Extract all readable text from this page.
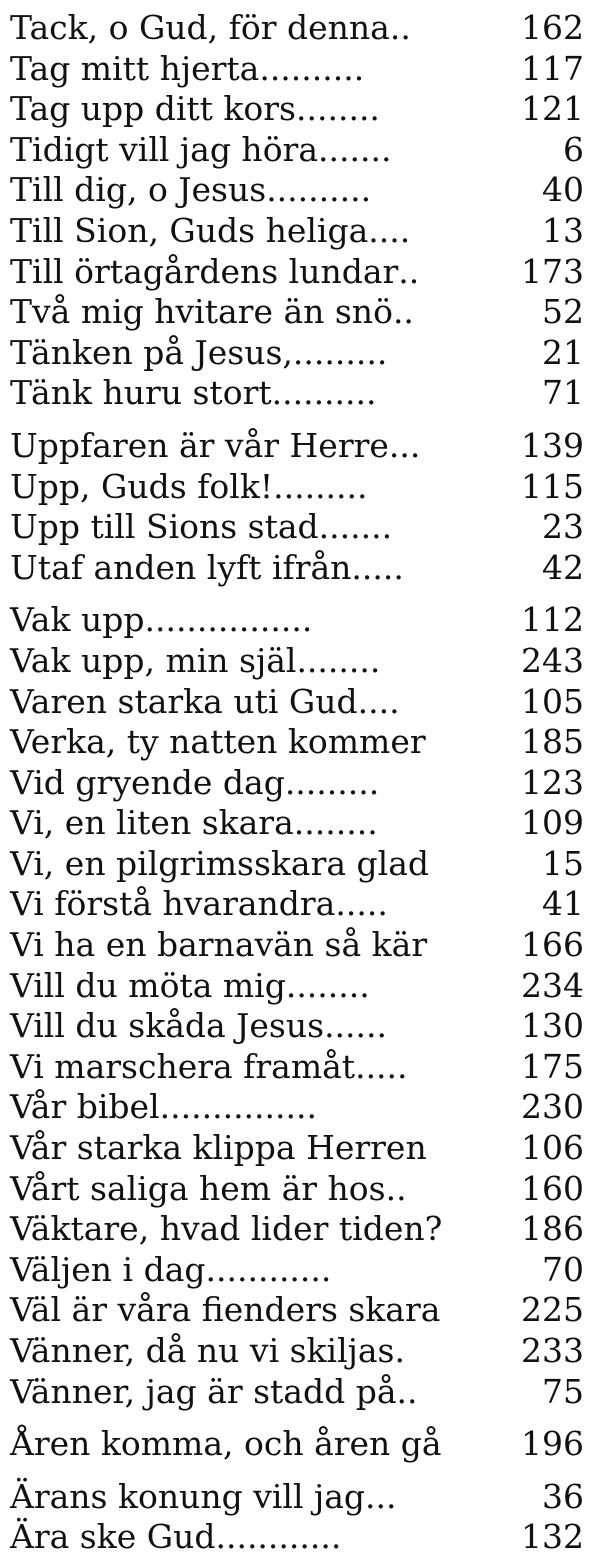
Tack, o Gud, för denna ..	162
Tag mitt hjerta ..........	117
Tag upp ditt kors ........	121
Tidigt vill jag höra .......	6
Till dig, o Jesus ..........	40
Till Sion, Guds heliga ....	13
Till örtagårdens lundar ..	173
Två mig hvitare än snö ..	52
Tänken på Jesus, .........	21
Tänk huru stort ..........	71
Uppfaren är vår Herre ...	139
Upp, Guds folk! .........	115
Upp till Sions stad .......	23
Utaf anden lyft ifrån .....	42
Vak upp ................	112
Vak upp, min själ ........	243
Varen starka uti Gud ....	105
Verka, ty natten kommer	185
Vid gryende dag .........	123
Vi, en liten skara ........	109
Vi, en pilgrimsskara glad	15
Vi förstå hvarandra .....	41
Vi ha en barnavän så kär	166
Vill du möta mig ........	234
Vill du skåda Jesus ......	130
Vi marschera framåt .....	175
Vår bibel ...............	230
Vår starka klippa Herren	106
Vårt saliga hem är hos ..	160
Väktare, hvad lider tiden? 186
Väljen i dag ............	70
Väl är våra fienders skara 225
Vänner, då nu vi skiljas.	233
Vänner, jag är stadd på ..	75
Åren komma, och åren gå 196
Ärans konung vill jag ...	36
Ära ske Gud ............	132
